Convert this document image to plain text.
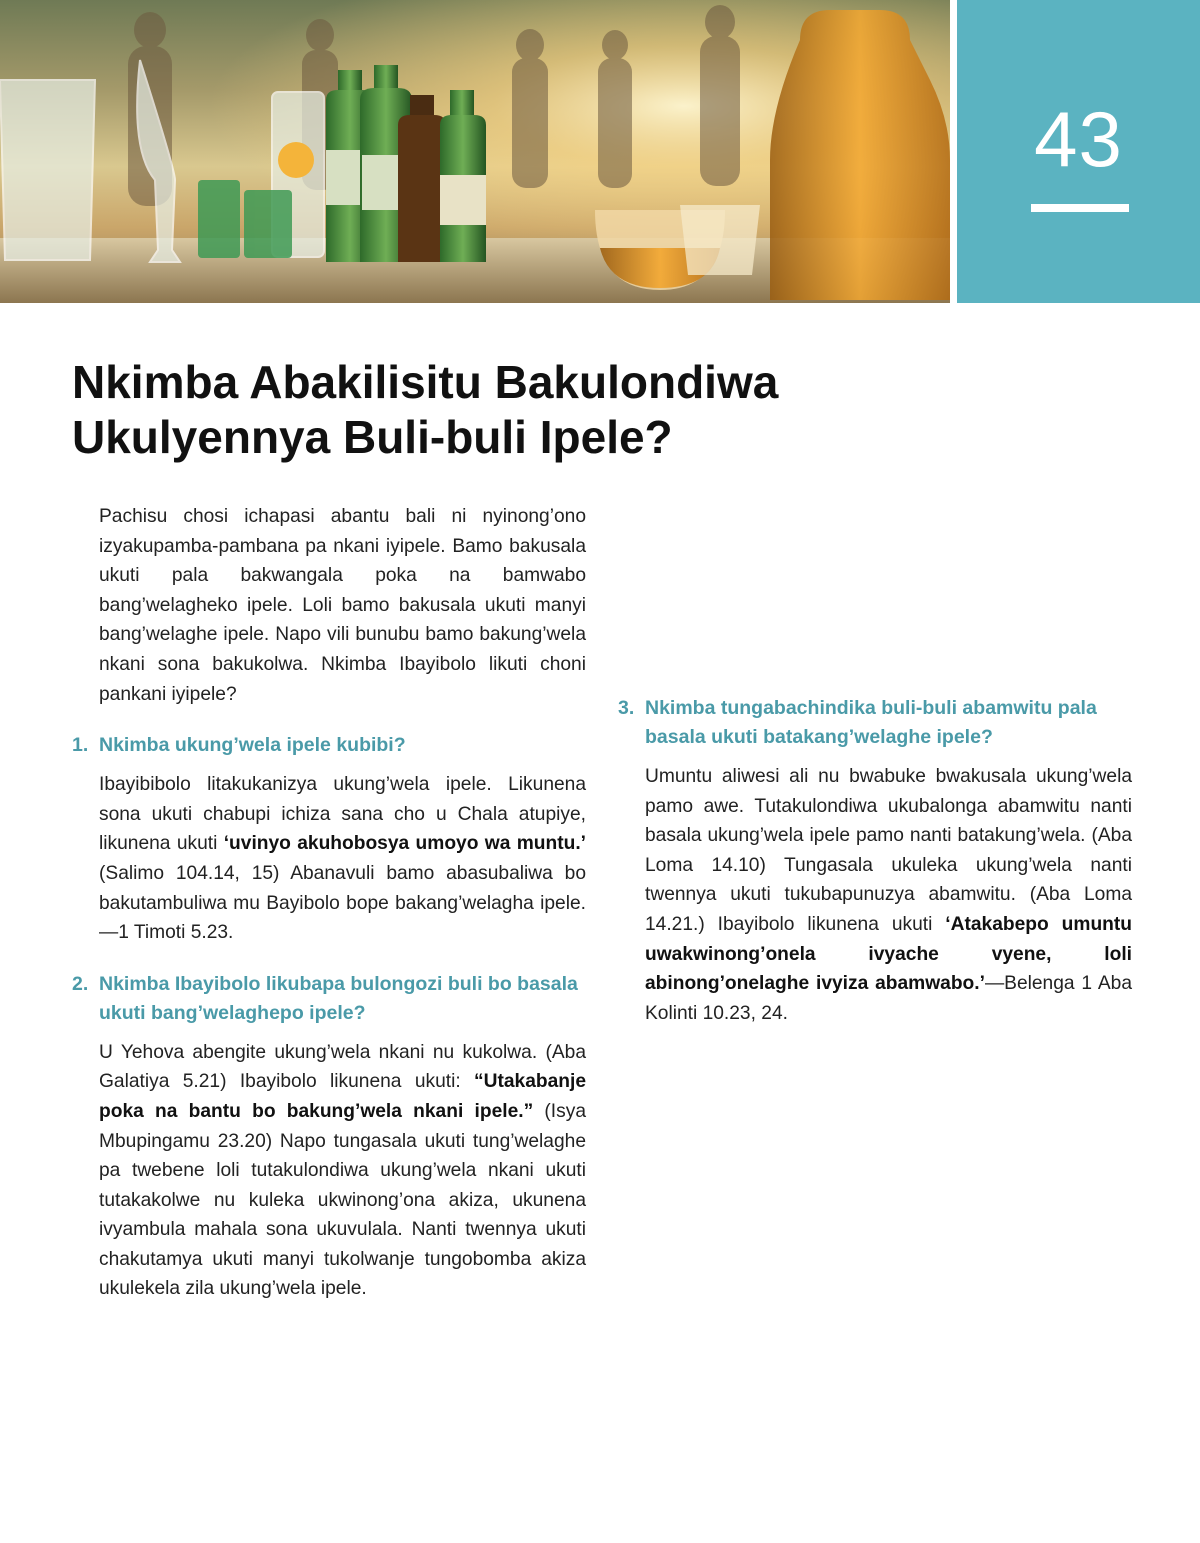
43
Nkimba Abakilisitu Bakulondiwa
Ukulyennya Buli-buli Ipele?

Pachisu chosi ichapasi abantu bali ni nyinong’ono izyakupamba-pambana pa nkani iyipele. Bamo bakusala ukuti pala bakwangala poka na bamwabo bang’welagheko ipele. Loli bamo bakusala ukuti manyi bang’welaghe ipele. Napo vili bunubu bamo bakung’wela nkani sona bakukolwa. Nkimba Ibayibolo likuti choni pankani iyipele?

1. Nkimba ukung’wela ipele kubibi?

Ibayibibolo litakukanizya ukung’wela ipele. Likunena sona ukuti chabupi ichiza sana cho u Chala atupiye, likunena ukuti ‘uvinyo akuhobosya umoyo wa muntu.’ (Salimo 104.14, 15) Abanavuli bamo abasubaliwa bo bakutambuliwa mu Bayibolo bope bakang’welagha ipele.—1 Timoti 5.23.

2. Nkimba Ibayibolo likubapa bulongozi buli bo basala ukuti bang’welaghepo ipele?

U Yehova abengite ukung’wela nkani nu kukolwa. (Aba Galatiya 5.21) Ibayibolo likunena ukuti: “Utakabanje poka na bantu bo bakung’wela nkani ipele.” (Isya Mbupingamu 23.20) Napo tungasala ukuti tung’welaghe pa twebene loli tutakulondiwa ukung’wela nkani ukuti tutakakolwe nu kuleka ukwinong’ona akiza, ukunena ivyambula mahala sona ukuvulala. Nanti twennya ukuti chakutamya ukuti manyi tukolwanje tungobomba akiza ukulekela zila ukung’wela ipele.

3. Nkimba tungabachindika buli-buli abamwitu pala basala ukuti batakang’welaghe ipele?

Umuntu aliwesi ali nu bwabuke bwakusala ukung’wela pamo awe. Tutakulondiwa ukubalonga abamwitu nanti basala ukung’wela ipele pamo nanti batakung’wela. (Aba Loma 14.10) Tungasala ukuleka ukung’wela nanti twennya ukuti tukubapunuzya abamwitu. (Aba Loma 14.21.) Ibayibolo likunena ukuti ‘Atakabepo umuntu uwakwinong’onela ivyache vyene, loli abinong’onelaghe ivyiza abamwabo.’—Belenga 1 Aba Kolinti 10.23, 24.
